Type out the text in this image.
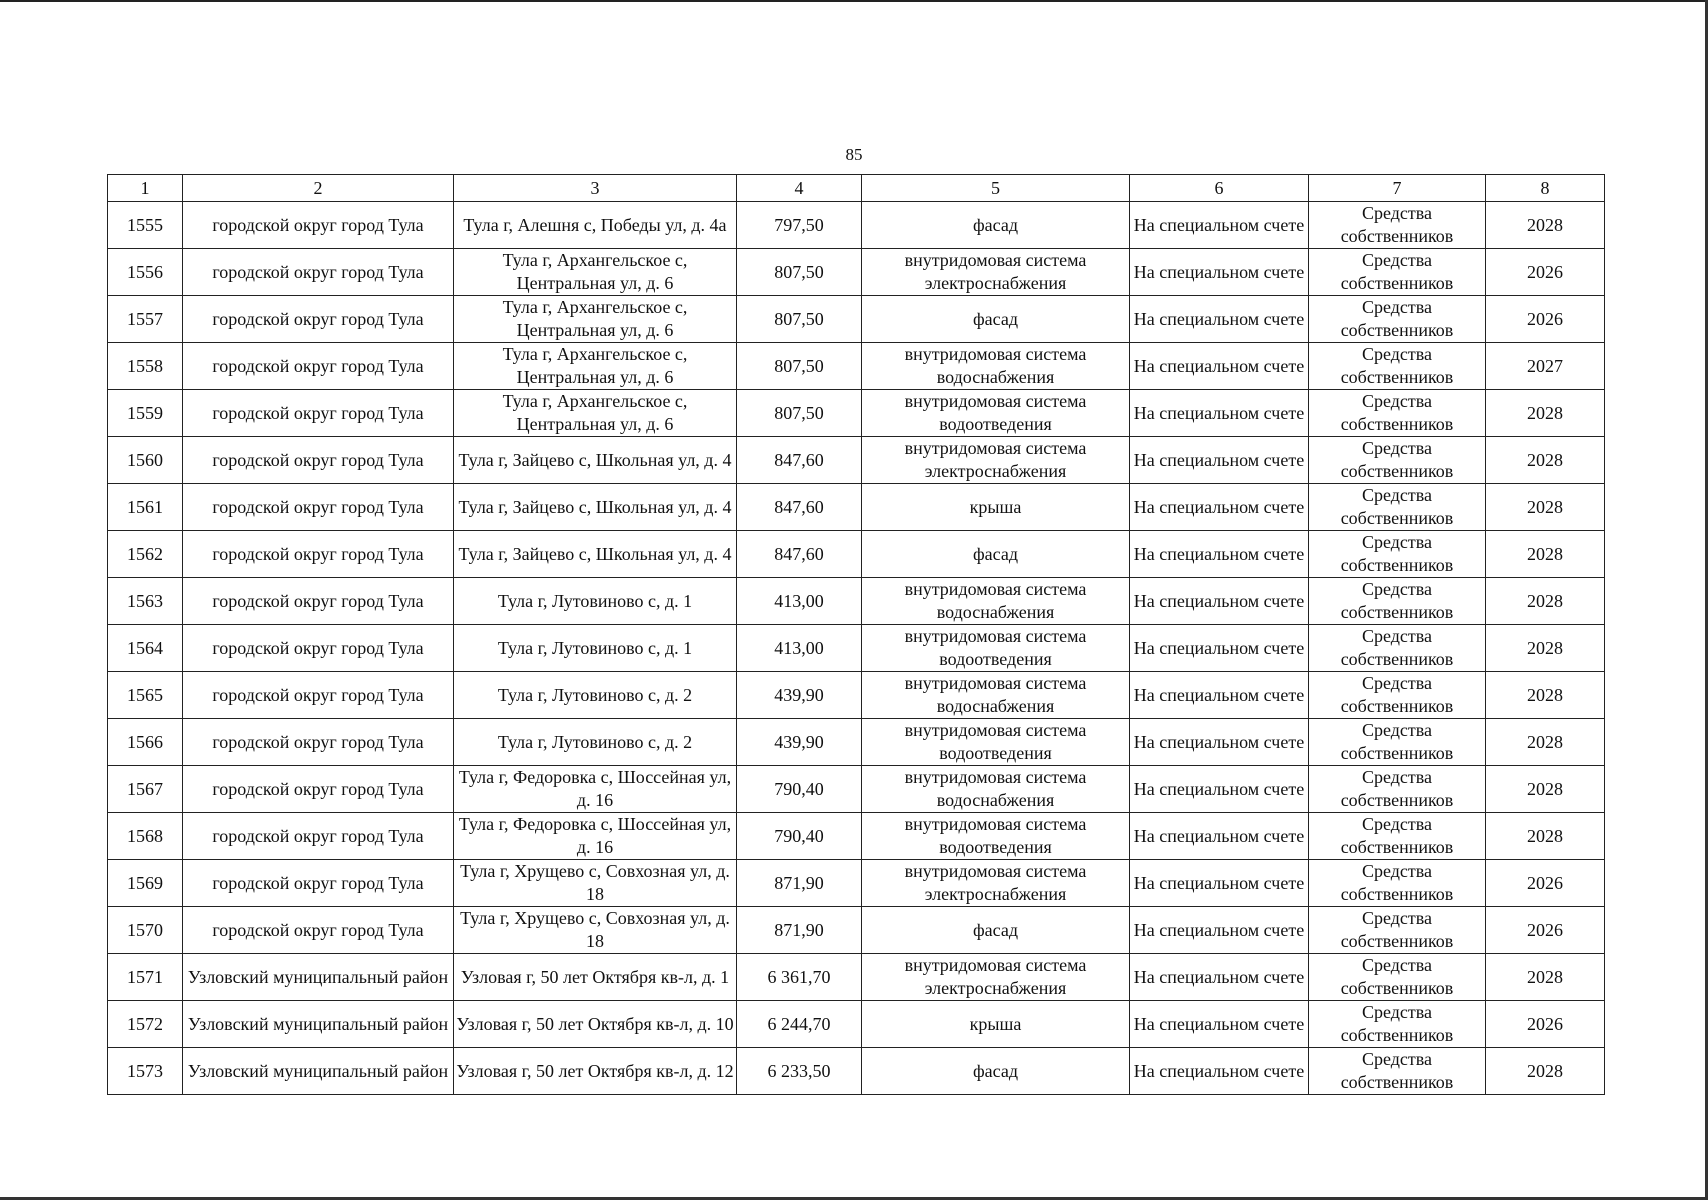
85
1	2	3	4	5	6	7	8
1555	городской округ город Тула	Тула г, Алешня с, Победы ул, д. 4а	797,50	фасад	На специальном счете	Средства собственников	2028
1556	городской округ город Тула	Тула г, Архангельское с, Центральная ул, д. 6	807,50	внутридомовая система электроснабжения	На специальном счете	Средства собственников	2026
1557	городской округ город Тула	Тула г, Архангельское с, Центральная ул, д. 6	807,50	фасад	На специальном счете	Средства собственников	2026
1558	городской округ город Тула	Тула г, Архангельское с, Центральная ул, д. 6	807,50	внутридомовая система водоснабжения	На специальном счете	Средства собственников	2027
1559	городской округ город Тула	Тула г, Архангельское с, Центральная ул, д. 6	807,50	внутридомовая система водоотведения	На специальном счете	Средства собственников	2028
1560	городской округ город Тула	Тула г, Зайцево с, Школьная ул, д. 4	847,60	внутридомовая система электроснабжения	На специальном счете	Средства собственников	2028
1561	городской округ город Тула	Тула г, Зайцево с, Школьная ул, д. 4	847,60	крыша	На специальном счете	Средства собственников	2028
1562	городской округ город Тула	Тула г, Зайцево с, Школьная ул, д. 4	847,60	фасад	На специальном счете	Средства собственников	2028
1563	городской округ город Тула	Тула г, Лутовиново с, д. 1	413,00	внутридомовая система водоснабжения	На специальном счете	Средства собственников	2028
1564	городской округ город Тула	Тула г, Лутовиново с, д. 1	413,00	внутридомовая система водоотведения	На специальном счете	Средства собственников	2028
1565	городской округ город Тула	Тула г, Лутовиново с, д. 2	439,90	внутридомовая система водоснабжения	На специальном счете	Средства собственников	2028
1566	городской округ город Тула	Тула г, Лутовиново с, д. 2	439,90	внутридомовая система водоотведения	На специальном счете	Средства собственников	2028
1567	городской округ город Тула	Тула г, Федоровка с, Шоссейная ул, д. 16	790,40	внутридомовая система водоснабжения	На специальном счете	Средства собственников	2028
1568	городской округ город Тула	Тула г, Федоровка с, Шоссейная ул, д. 16	790,40	внутридомовая система водоотведения	На специальном счете	Средства собственников	2028
1569	городской округ город Тула	Тула г, Хрущево с, Совхозная ул, д. 18	871,90	внутридомовая система электроснабжения	На специальном счете	Средства собственников	2026
1570	городской округ город Тула	Тула г, Хрущево с, Совхозная ул, д. 18	871,90	фасад	На специальном счете	Средства собственников	2026
1571	Узловский муниципальный район	Узловая г, 50 лет Октября кв-л, д. 1	6 361,70	внутридомовая система электроснабжения	На специальном счете	Средства собственников	2028
1572	Узловский муниципальный район	Узловая г, 50 лет Октября кв-л, д. 10	6 244,70	крыша	На специальном счете	Средства собственников	2026
1573	Узловский муниципальный район	Узловая г, 50 лет Октября кв-л, д. 12	6 233,50	фасад	На специальном счете	Средства собственников	2028
